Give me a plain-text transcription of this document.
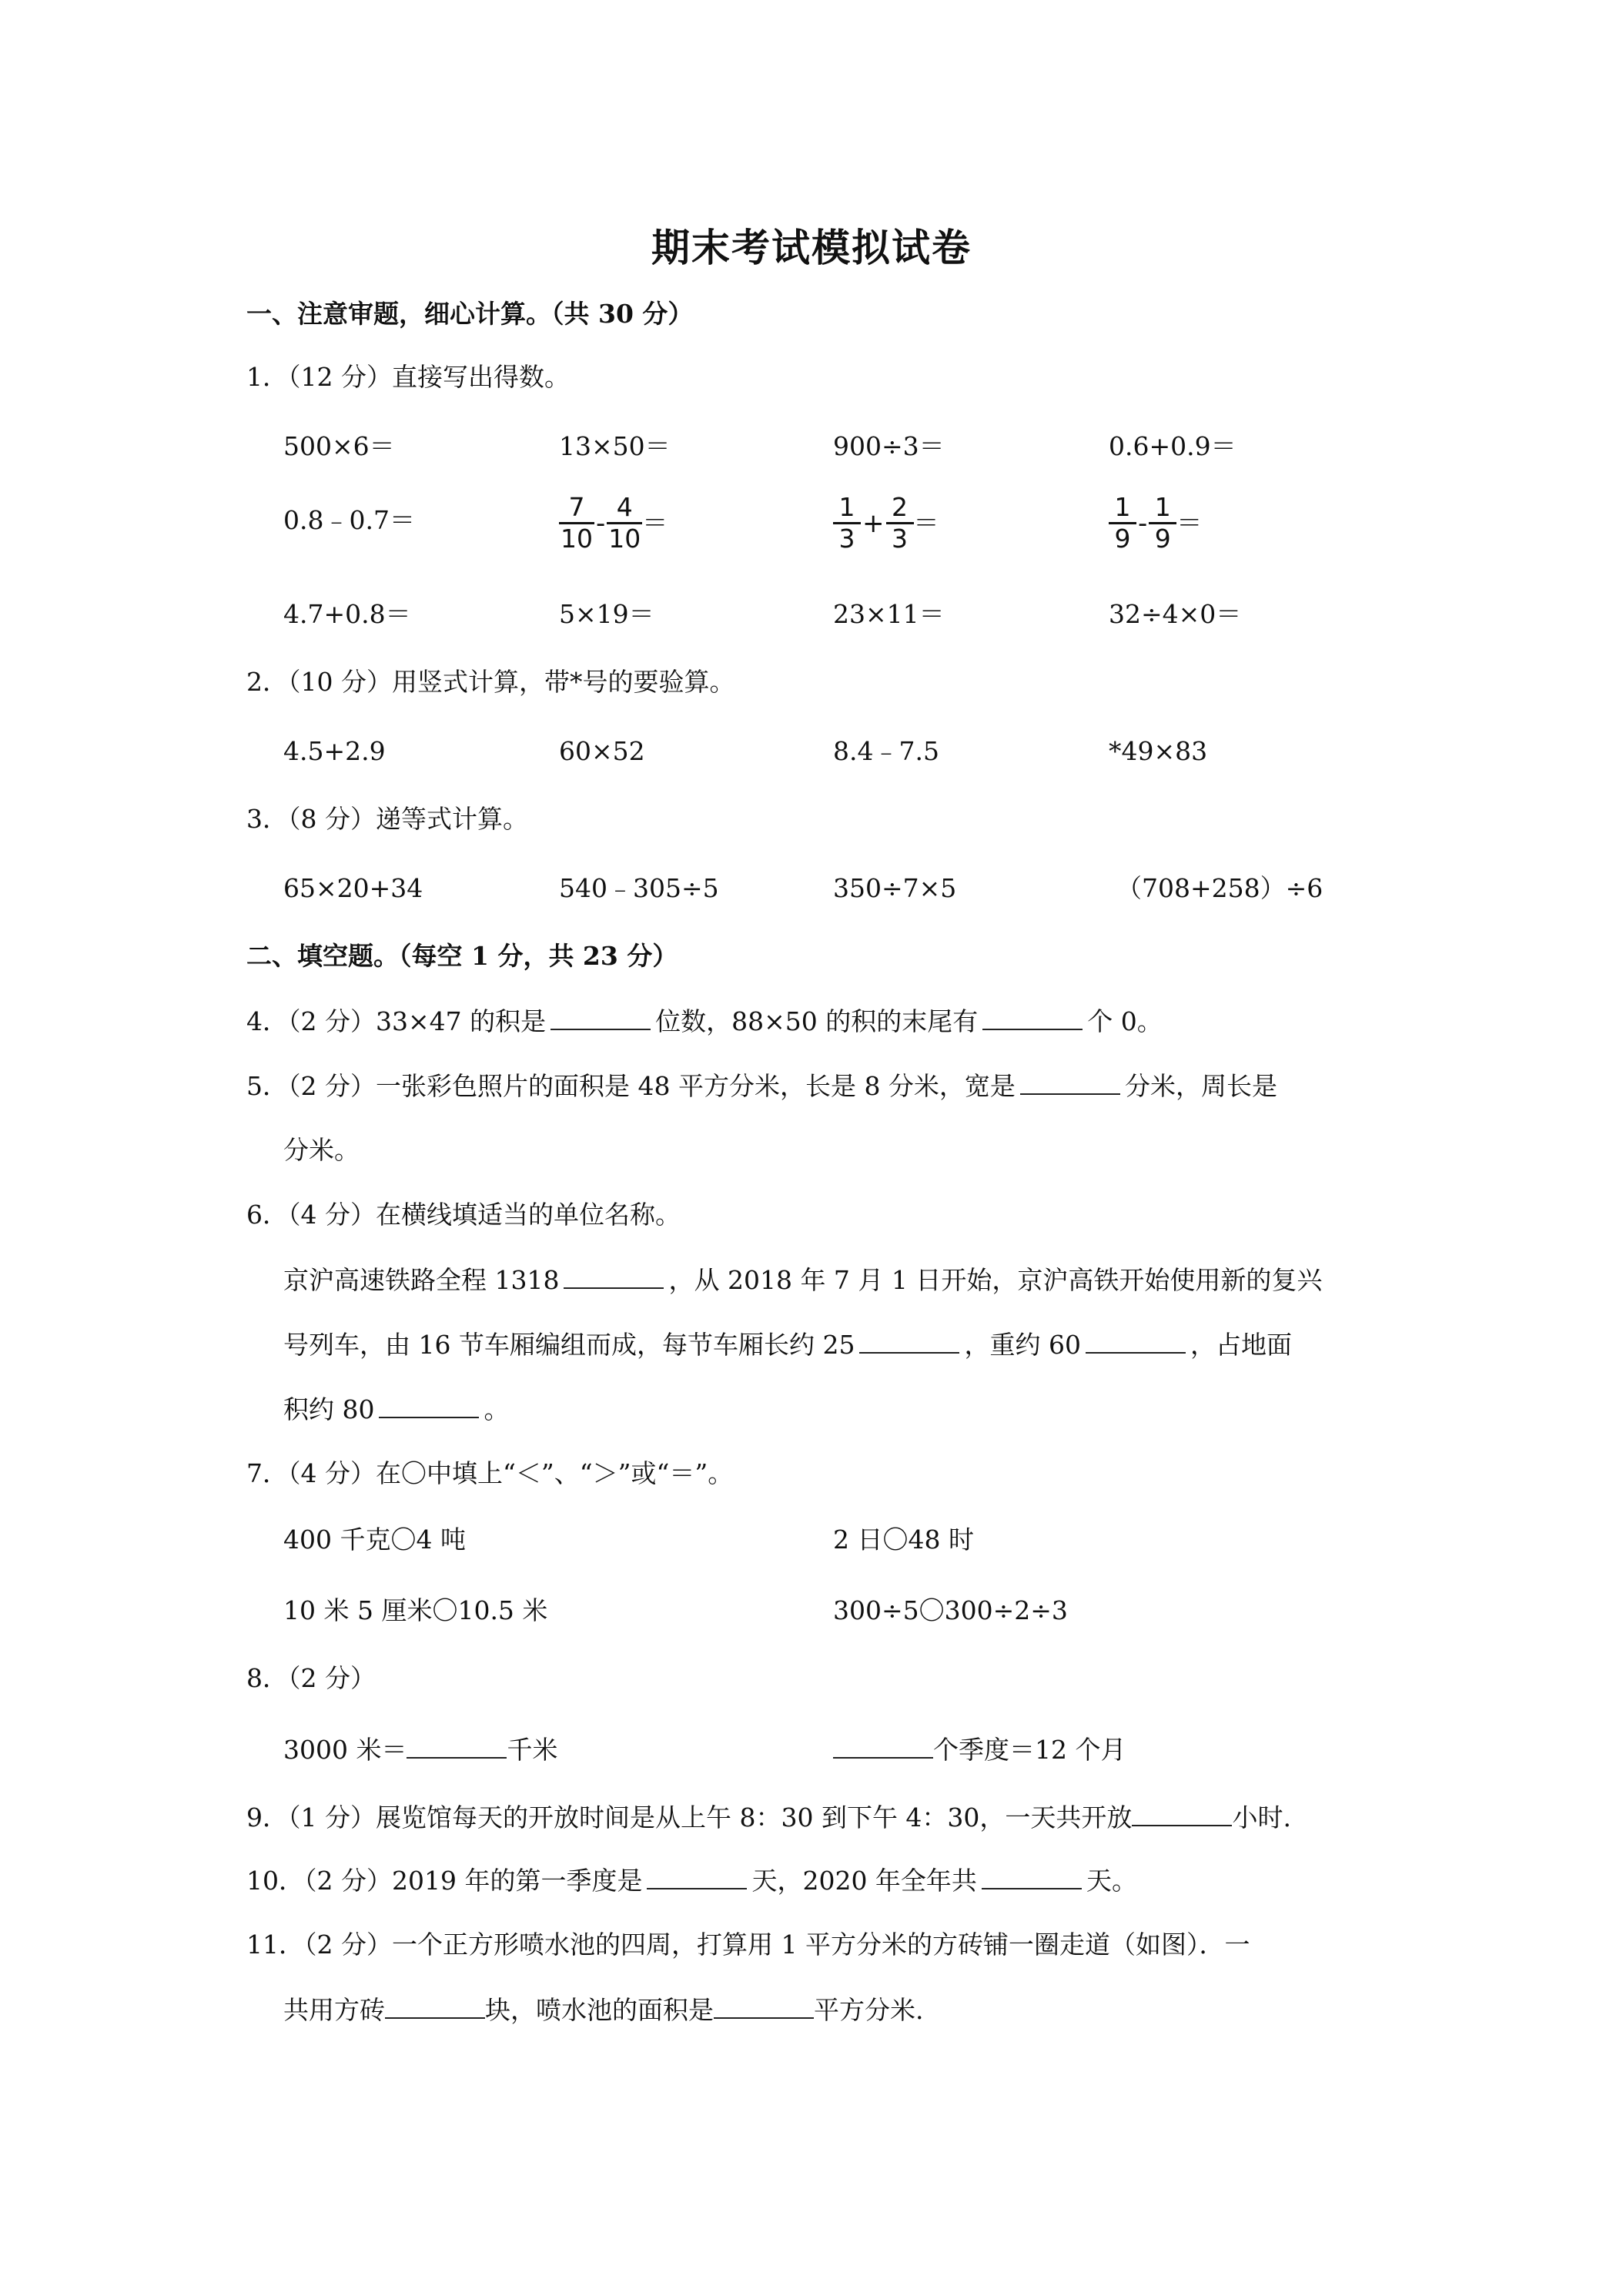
期末考试模拟试卷
一、注意审题，细心计算。（共 30 分）
1．（12 分）直接写出得数。
500×6＝	13×50＝	900÷3＝	0.6+0.9＝
0.8﹣0.7＝	$\frac{7}{10} - \frac{4}{10}$ ＝	$\frac{1}{3} + \frac{2}{3}$ ＝	$\frac{1}{9} - \frac{1}{9}$ ＝
4.7+0.8＝	5×19＝	23×11＝	32÷4×0＝
2．（10 分）用竖式计算，带*号的要验算。
4.5+2.9	60×52	8.4﹣7.5	*49×83
3．（8 分）递等式计算。
65×20+34	540﹣305÷5	350÷7×5	（708+258）÷6
二、填空题。（每空 1 分，共 23 分）
4．（2 分）33×47 的积是	位数，88×50 的积的末尾有	个 0。
5．（2 分）一张彩色照片的面积是 48 平方分米，长是 8 分米，宽是	分米，周长是
分米。
6．（4 分）在横线填适当的单位名称。
京沪高速铁路全程 1318	，从 2018 年 7 月 1 日开始，京沪高铁开始使用新的复兴
号列车，由 16 节车厢编组而成，每节车厢长约 25	，重约 60	，占地面
积约 80	。
7．（4 分）在〇中填上“＜”、“＞”或“＝”。
400 千克〇4 吨	2 日〇48 时
10 米 5 厘米〇10.5 米	300÷5〇300÷2÷3
8．（2 分）
3000 米＝	千米	个季度＝12 个月
9．（1 分）展览馆每天的开放时间是从上午 8：30 到下午 4：30，一天共开放	小时.
10．（2 分）2019 年的第一季度是	天，2020 年全年共	天。
11．（2 分）一个正方形喷水池的四周，打算用 1 平方分米的方砖铺一圈走道（如图）．一
共用方砖	块，喷水池的面积是	平方分米.
